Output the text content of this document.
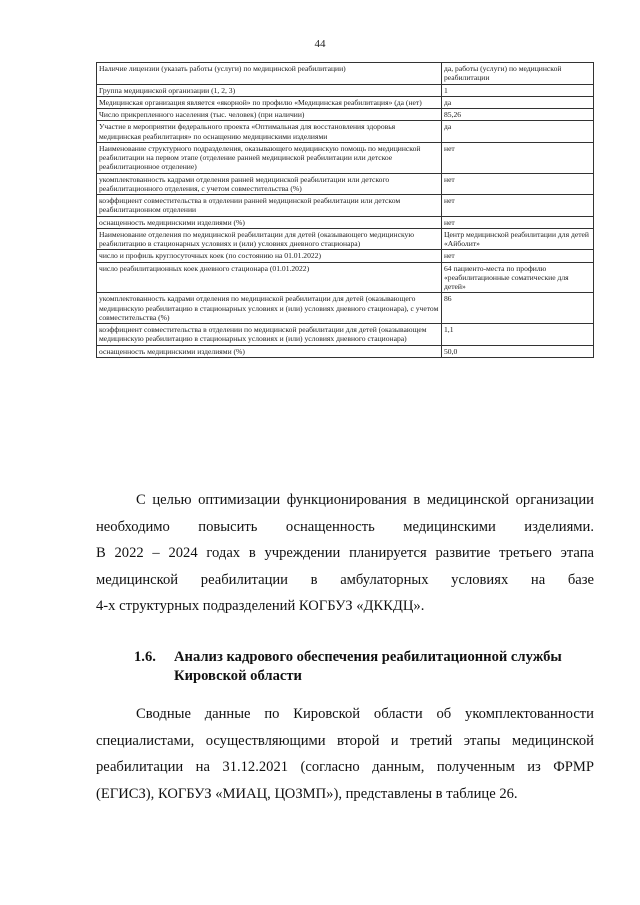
44
Наличие лицензии (указать работы (услуги) по медицинской реабилитации)	да, работы (услуги) по медицинской реабилитации
Группа медицинской организации (1, 2, 3)	1
Медицинская организация является «якорной» по профилю «Медицинская реабилитация» (да (нет)	да
Число прикрепленного населения (тыс. человек) (при наличии)	85,26
Участие в мероприятии федерального проекта «Оптимальная для восстановления здоровья медицинская реабилитация» по оснащению медицинскими изделиями	да
Наименование структурного подразделения, оказывающего медицинскую помощь по медицинской реабилитации на первом этапе (отделение ранней медицинской реабилитации или детское реабилитационное отделение)	нет
укомплектованность кадрами отделения ранней медицинской реабилитации или детского реабилитационного отделения, с учетом совместительства (%)	нет
коэффициент совместительства в отделении ранней медицинской реабилитации или детском реабилитационном отделении	нет
оснащенность медицинскими изделиями (%)	нет
Наименование отделения по медицинской реабилитации для детей (оказывающего медицинскую реабилитацию в стационарных условиях и (или) условиях дневного стационара)	Центр медицинской реабилитации для детей «Айболит»
число и профиль круглосуточных коек (по состоянию на 01.01.2022)	нет
число реабилитационных коек дневного стационара (01.01.2022)	64 пациенто-места по профилю «реабилитационные соматические для детей»
укомплектованность кадрами отделения по медицинской реабилитации для детей (оказывающего медицинскую реабилитацию в стационарных условиях и (или) условиях дневного стационара), с учетом совместительства (%)	86
коэффициент совместительства в отделении по медицинской реабилитации для детей (оказывающем медицинскую реабилитацию в стационарных условиях и (или) условиях дневного стационара)	1,1
оснащенность медицинскими изделиями (%)	50,0
С целью оптимизации функционирования в медицинской организации
необходимо повысить оснащенность медицинскими изделиями.
В 2022 – 2024 годах в учреждении планируется развитие третьего этапа
медицинской реабилитации в амбулаторных условиях на базе
4-х структурных подразделений КОГБУЗ «ДККДЦ».
1.6. Анализ кадрового обеспечения реабилитационной службы
Кировской области
Сводные данные по Кировской области об укомплектованности специалистами, осуществляющими второй и третий этапы медицинской реабилитации на 31.12.2021 (согласно данным, полученным из ФРМР (ЕГИСЗ), КОГБУЗ «МИАЦ, ЦОЗМП»), представлены в таблице 26.
